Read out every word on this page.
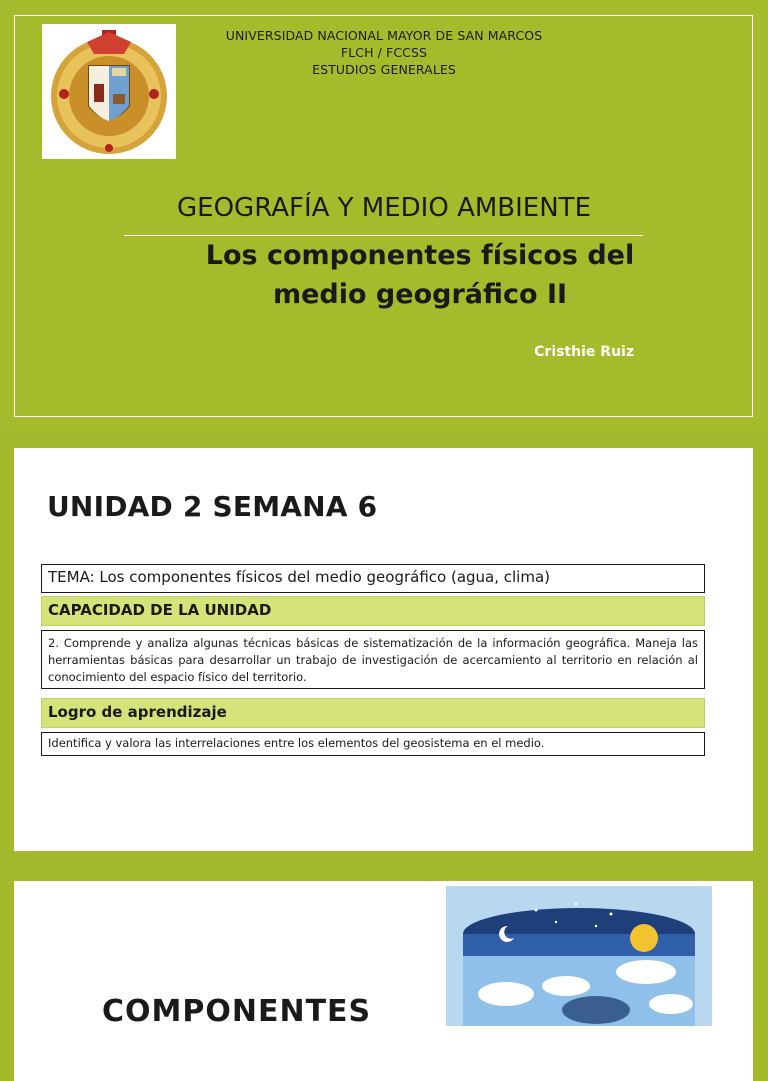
UNIVERSIDAD NACIONAL MAYOR DE SAN MARCOS
FLCH / FCCSS
ESTUDIOS GENERALES
GEOGRAFÍA Y MEDIO AMBIENTE
Los componentes físicos del
medio geográfico II
Cristhie Ruiz
UNIDAD 2 SEMANA 6
TEMA: Los componentes físicos del medio geográfico (agua, clima)
CAPACIDAD DE LA UNIDAD
2. Comprende y analiza algunas técnicas básicas de sistematización de la información geográfica. Maneja las herramientas básicas para desarrollar un trabajo de investigación de acercamiento al territorio en relación al conocimiento del espacio físico del territorio.
Logro de aprendizaje
Identifica y valora las interrelaciones entre los elementos del geosistema en el medio.
COMPONENTES
